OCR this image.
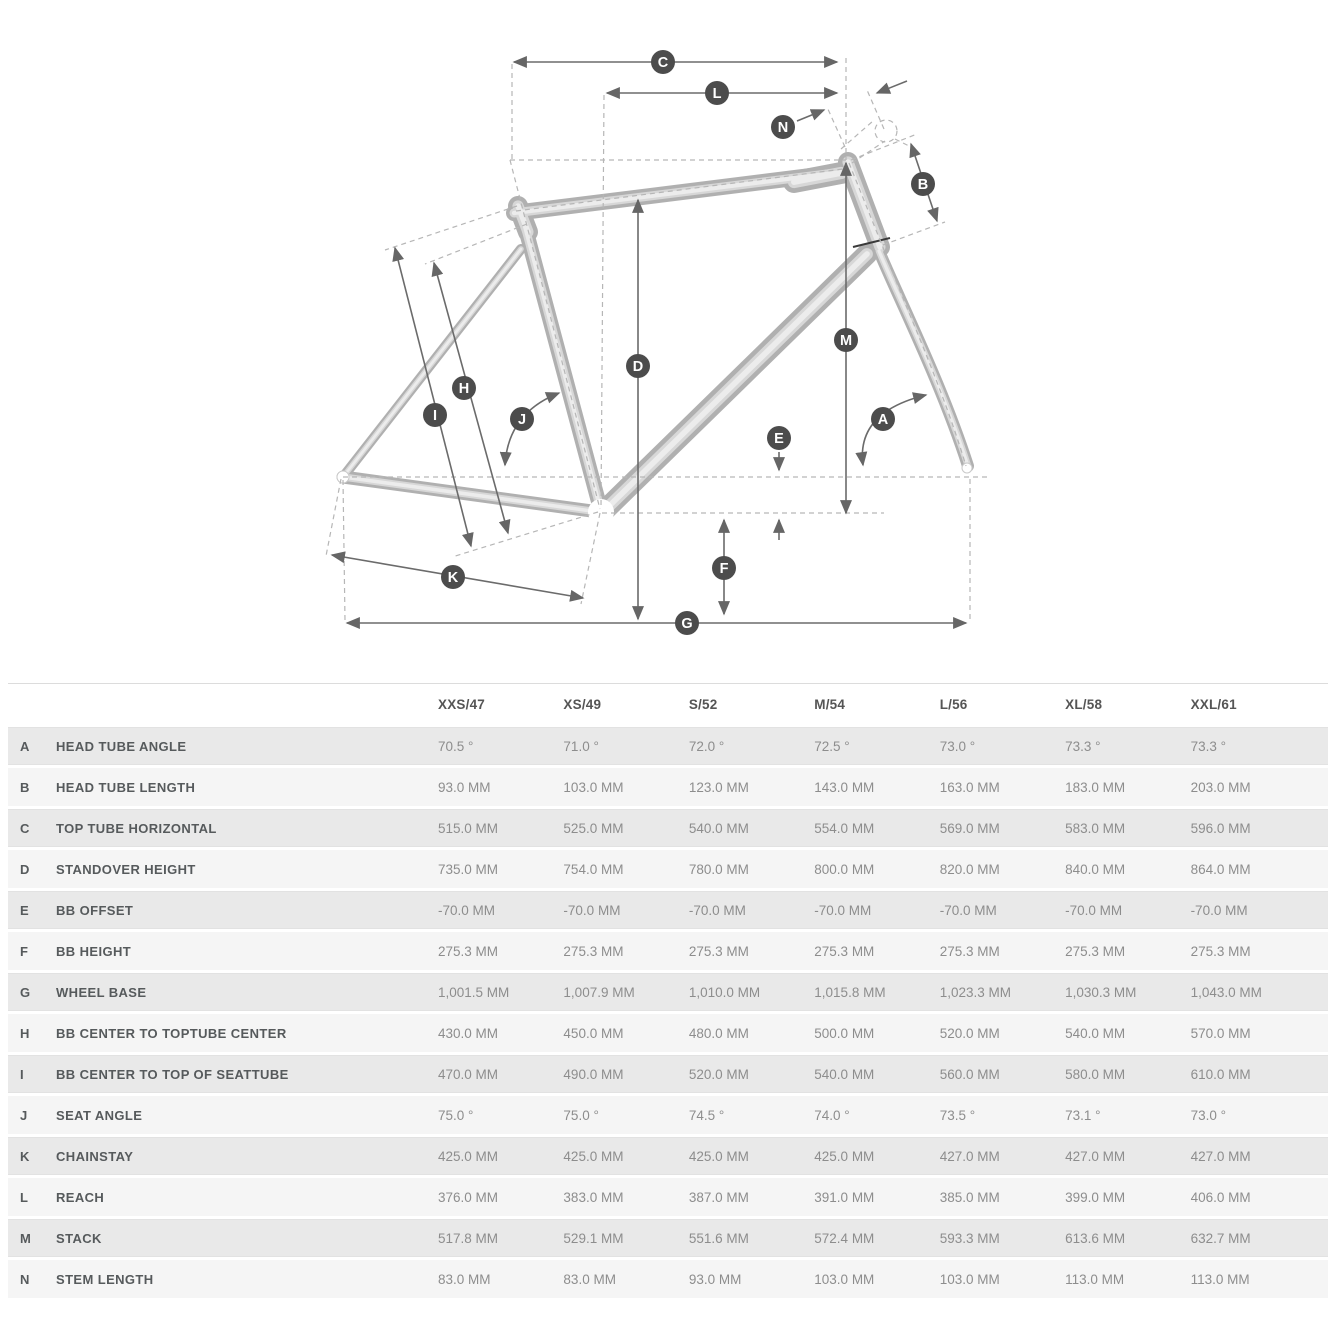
A
B
C
D
E
F
G
H
I	J
K
L
M
N
XXS/47	XS/49	S/52	M/54	L/56	XL/58	XXL/61
A	HEAD TUBE ANGLE	70.5 °	71.0 °	72.0 °	72.5 °	73.0 °	73.3 °	73.3 °
B	HEAD TUBE LENGTH	93.0 MM	103.0 MM	123.0 MM	143.0 MM	163.0 MM	183.0 MM	203.0 MM
C	TOP TUBE HORIZONTAL	515.0 MM	525.0 MM	540.0 MM	554.0 MM	569.0 MM	583.0 MM	596.0 MM
D	STANDOVER HEIGHT	735.0 MM	754.0 MM	780.0 MM	800.0 MM	820.0 MM	840.0 MM	864.0 MM
E	BB OFFSET	-70.0 MM	-70.0 MM	-70.0 MM	-70.0 MM	-70.0 MM	-70.0 MM	-70.0 MM
F	BB HEIGHT	275.3 MM	275.3 MM	275.3 MM	275.3 MM	275.3 MM	275.3 MM	275.3 MM
G	WHEEL BASE	1,001.5 MM	1,007.9 MM	1,010.0 MM	1,015.8 MM	1,023.3 MM	1,030.3 MM	1,043.0 MM
H	BB CENTER TO TOPTUBE CENTER	430.0 MM	450.0 MM	480.0 MM	500.0 MM	520.0 MM	540.0 MM	570.0 MM
I	BB CENTER TO TOP OF SEATTUBE	470.0 MM	490.0 MM	520.0 MM	540.0 MM	560.0 MM	580.0 MM	610.0 MM
J	SEAT ANGLE	75.0 °	75.0 °	74.5 °	74.0 °	73.5 °	73.1 °	73.0 °
K	CHAINSTAY	425.0 MM	425.0 MM	425.0 MM	425.0 MM	427.0 MM	427.0 MM	427.0 MM
L	REACH	376.0 MM	383.0 MM	387.0 MM	391.0 MM	385.0 MM	399.0 MM	406.0 MM
M	STACK	517.8 MM	529.1 MM	551.6 MM	572.4 MM	593.3 MM	613.6 MM	632.7 MM
N	STEM LENGTH	83.0 MM	83.0 MM	93.0 MM	103.0 MM	103.0 MM	113.0 MM	113.0 MM
